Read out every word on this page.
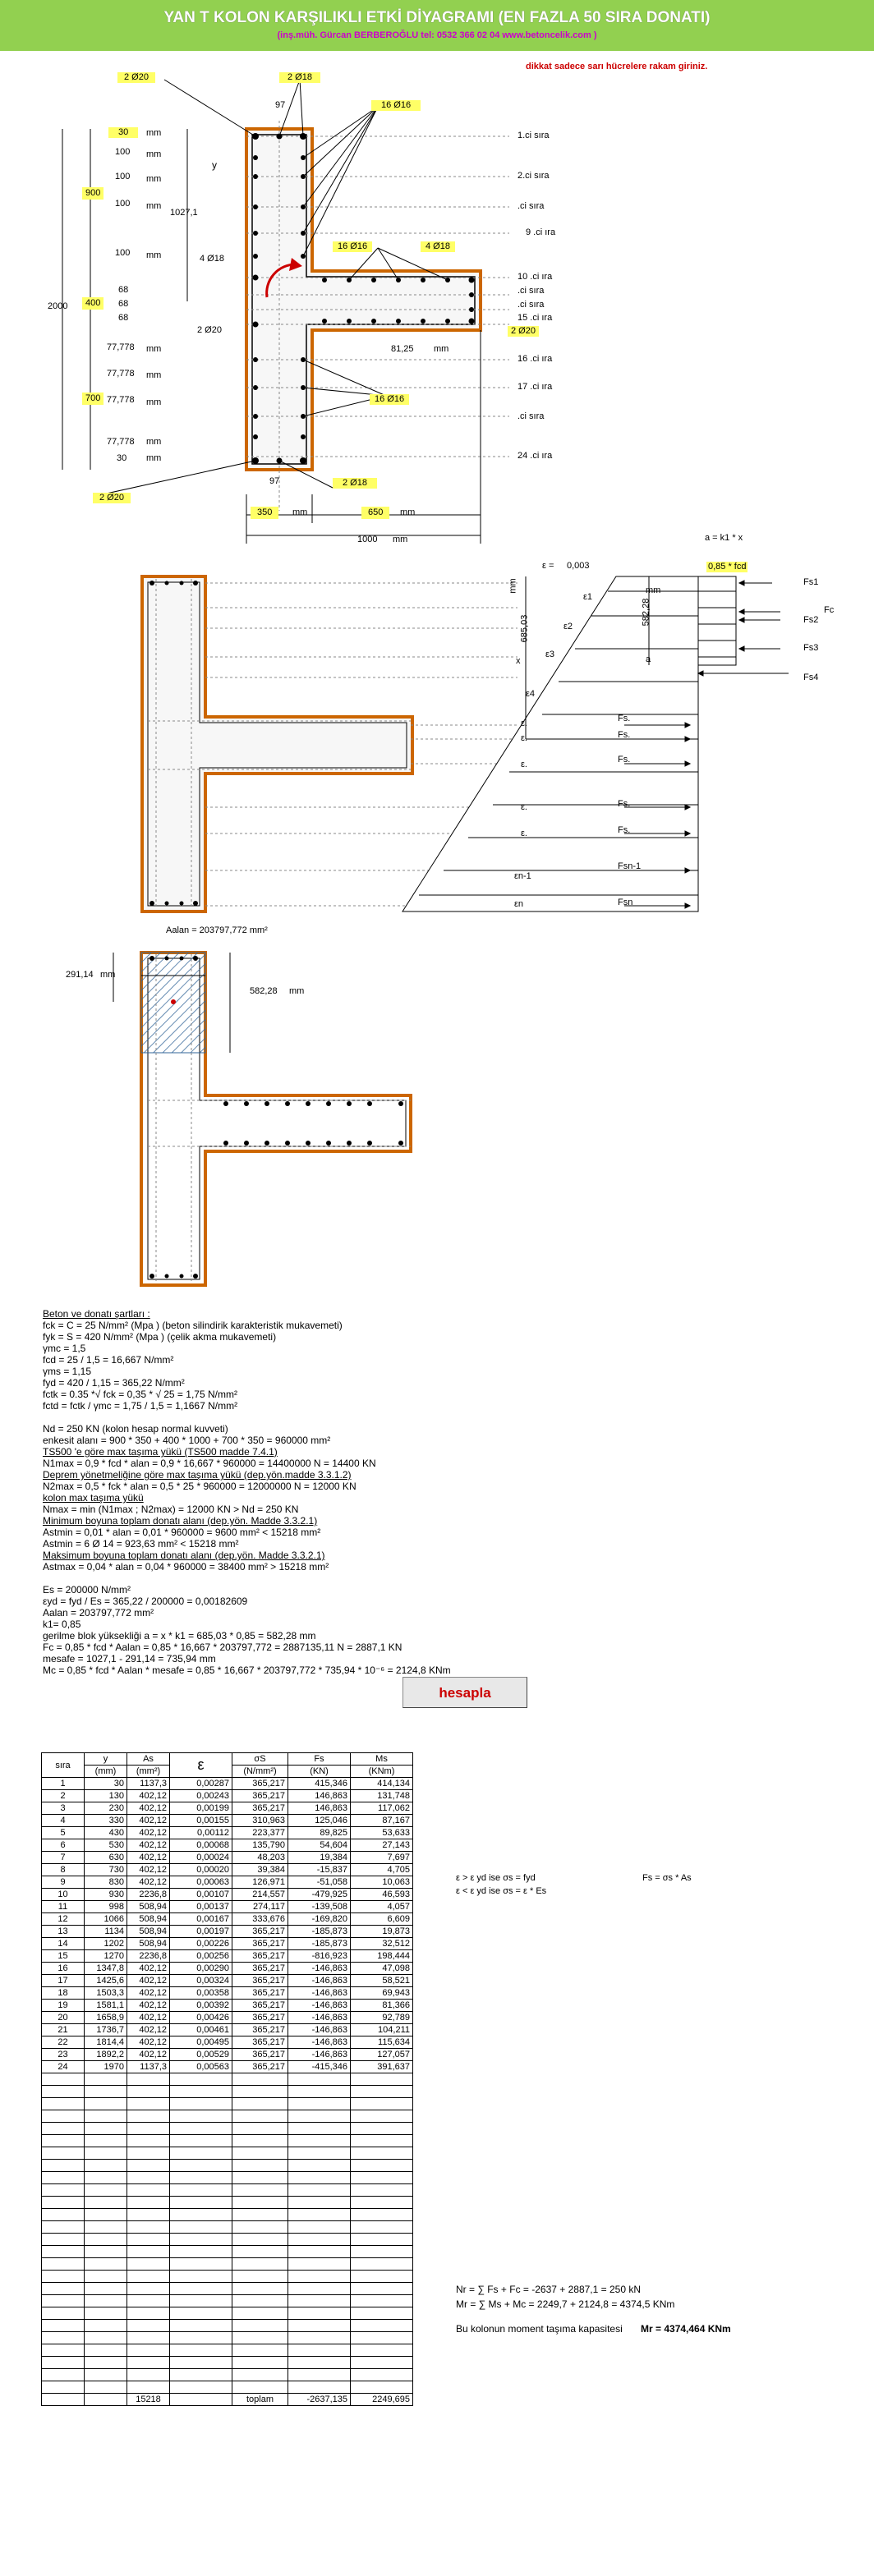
YAN T KOLON KARŞILIKLI ETKİ DİYAGRAMI (EN FAZLA 50 SIRA DONATI)
(inş.müh. Gürcan BERBEROĞLU tel: 0532 366 02 04 www.betoncelik.com )
dikkat sadece sarı hücrelere rakam giriniz.
2 Ø20	2 Ø18
16 Ø16
16 Ø16
4 Ø18
4 Ø18
2 Ø20	2 Ø20
16 Ø16
2 Ø20
2 Ø18
97
97
y
30
100
100
100
100
68
68
68
77,778
77,778
77,778
77,778
30
mm
mm
mm
mm
mm
mm
mm
mm
mm
mm
900
400
700
2000
1027,1
81,25 mm
1.ci sıra
2.ci sıra
.ci sıra
9 .ci ıra
10 .ci ıra
.ci sıra
.ci sıra
15 .ci ıra
16 .ci ıra
17 .ci ıra
.ci sıra
24 .ci ıra
350	mm	650	mm
1000 mm	a = k1 * x
0,85 * fcd
ε = 0,003
685,03
582,28
x	a
mm
mm
ε1
ε2
ε3
ε4
ε.
ε.
ε.
ε.
ε.
εn-1
εn
Fs1
Fc
Fs2
Fs3
Fs4
Fs.
Fs.
Fs.
Fs.
Fs.
Fsn-1
Fsn
Aalan = 203797,772 mm²
291,14 mm
582,28 mm
Beton ve donatı şartları :
fck = C = 25 N/mm² (Mpa ) (beton silindirik karakteristik mukavemeti)
fyk = S = 420 N/mm² (Mpa ) (çelik akma mukavemeti)
γmc = 1,5
fcd = 25 / 1,5 = 16,667 N/mm²
γms = 1,15
fyd = 420 / 1,15 = 365,22 N/mm²
fctk = 0.35 *√ fck = 0,35 * √ 25 = 1,75 N/mm²
fctd = fctk / γmc = 1,75 / 1,5 = 1,1667 N/mm²
Nd = 250 KN (kolon hesap normal kuvveti)
enkesit alanı = 900 * 350 + 400 * 1000 + 700 * 350 = 960000 mm²
TS500 'e göre max taşıma yükü (TS500 madde 7.4.1)
N1max = 0,9 * fcd * alan = 0,9 * 16,667 * 960000 = 14400000 N = 14400 KN
Deprem yönetmeliğine göre max taşıma yükü (dep.yön.madde 3.3.1.2)
N2max = 0,5 * fck * alan = 0,5 * 25 * 960000 = 12000000 N = 12000 KN
kolon max taşıma yükü
Nmax = min (N1max ; N2max) = 12000 KN > Nd = 250 KN
Minimum boyuna toplam donatı alanı (dep.yön. Madde 3.3.2.1)
Astmin = 0,01 * alan = 0,01 * 960000 = 9600 mm² < 15218 mm²
Astmin = 6 Ø 14 = 923,63 mm² < 15218 mm²
Maksimum boyuna toplam donatı alanı (dep.yön. Madde 3.3.2.1)
Astmax = 0,04 * alan = 0,04 * 960000 = 38400 mm² > 15218 mm²
Es = 200000 N/mm²
εyd = fyd / Es = 365,22 / 200000 = 0,00182609
Aalan = 203797,772 mm²
k1= 0,85
gerilme blok yüksekliği a = x * k1 = 685,03 * 0,85 = 582,28 mm
Fc = 0,85 * fcd * Aalan = 0,85 * 16,667 * 203797,772 = 2887135,11 N = 2887,1 KN
mesafe = 1027,1 - 291,14 = 735,94 mm
Mc = 0,85 * fcd * Aalan * mesafe = 0,85 * 16,667 * 203797,772 * 735,94 * 10⁻⁶ = 2124,8 KNm
hesapla
sıra	y	As	ε	σS	Fs	Ms
	(mm)	(mm²)		(N/mm²)	(KN)	(KNm)
1	30	1137,3	0,00287	365,217	415,346	414,134
2	130	402,12	0,00243	365,217	146,863	131,748
3	230	402,12	0,00199	365,217	146,863	117,062
4	330	402,12	0,00155	310,963	125,046	87,167
5	430	402,12	0,00112	223,377	89,825	53,633
6	530	402,12	0,00068	135,790	54,604	27,143
7	630	402,12	0,00024	48,203	19,384	7,697
8	730	402,12	0,00020	39,384	-15,837	4,705
9	830	402,12	0,00063	126,971	-51,058	10,063
10	930	2236,8	0,00107	214,557	-479,925	46,593
11	998	508,94	0,00137	274,117	-139,508	4,057
12	1066	508,94	0,00167	333,676	-169,820	6,609
13	1134	508,94	0,00197	365,217	-185,873	19,873
14	1202	508,94	0,00226	365,217	-185,873	32,512
15	1270	2236,8	0,00256	365,217	-816,923	198,444
16	1347,8	402,12	0,00290	365,217	-146,863	47,098
17	1425,6	402,12	0,00324	365,217	-146,863	58,521
18	1503,3	402,12	0,00358	365,217	-146,863	69,943
19	1581,1	402,12	0,00392	365,217	-146,863	81,366
20	1658,9	402,12	0,00426	365,217	-146,863	92,789
21	1736,7	402,12	0,00461	365,217	-146,863	104,211
22	1814,4	402,12	0,00495	365,217	-146,863	115,634
23	1892,2	402,12	0,00529	365,217	-146,863	127,057
24	1970	1137,3	0,00563	365,217	-415,346	391,637

		15218		toplam	-2637,135	2249,695
ε > ε yd ise σs = fyd
ε < ε yd ise σs = ε * Es
Fs = σs * As
Nr = ∑ Fs + Fc = -2637 + 2887,1 = 250 kN
Mr = ∑ Ms + Mc = 2249,7 + 2124,8 = 4374,5 KNm
Bu kolonun moment taşıma kapasitesi Mr = 4374,464 KNm
